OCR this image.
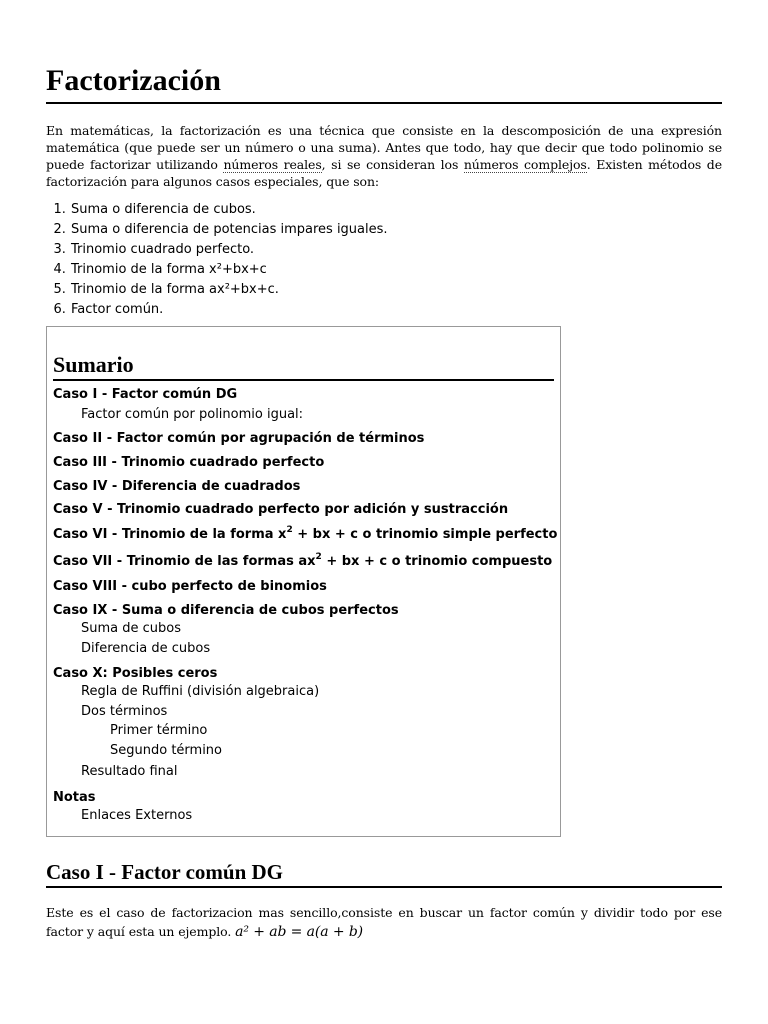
Factorización

En matemáticas, la factorización es una técnica que consiste en la descomposición de una expresión matemática (que puede ser un número o una suma). Antes que todo, hay que decir que todo polinomio se puede factorizar utilizando números reales, si se consideran los números complejos. Existen métodos de factorización para algunos casos especiales, que son:

1. Suma o diferencia de cubos.
2. Suma o diferencia de potencias impares iguales.
3. Trinomio cuadrado perfecto.
4. Trinomio de la forma x²+bx+c
5. Trinomio de la forma ax²+bx+c.
6. Factor común.
Sumario
Caso I - Factor común DG
Factor común por polinomio igual:
Caso II - Factor común por agrupación de términos
Caso III - Trinomio cuadrado perfecto
Caso IV - Diferencia de cuadrados
Caso V - Trinomio cuadrado perfecto por adición y sustracción
Caso VI - Trinomio de la forma $x^2$ + bx + c o trinomio simple perfecto
Caso VII - Trinomio de las formas $ax^2$ + bx + c o trinomio compuesto
Caso VIII - cubo perfecto de binomios
Caso IX - Suma o diferencia de cubos perfectos
Suma de cubos
Diferencia de cubos
Caso X: Posibles ceros
Regla de Ruffini (división algebraica)
Dos términos
Primer término
Segundo término
Resultado final
Notas
Enlaces Externos
Caso I - Factor común DG

Este es el caso de factorizacion mas sencillo,consiste en buscar un factor común y dividir todo por ese factor y aquí esta un ejemplo. a² + ab = a(a + b)
